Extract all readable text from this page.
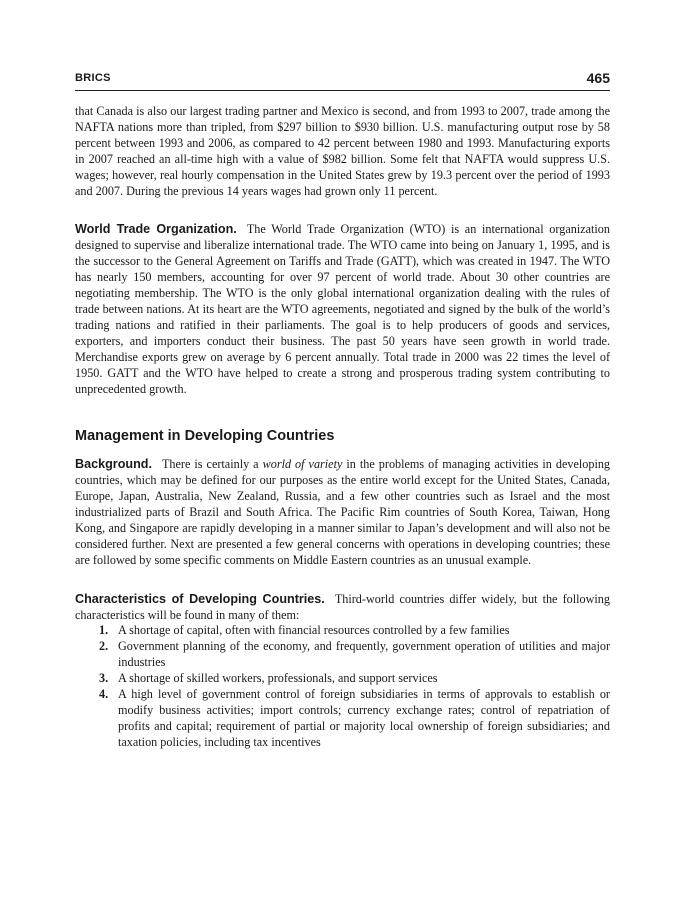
BRICS	465

that Canada is also our largest trading partner and Mexico is second, and from 1993 to 2007, trade among the NAFTA nations more than tripled, from $297 billion to $930 billion. U.S. manufacturing output rose by 58 percent between 1993 and 2006, as compared to 42 percent between 1980 and 1993. Manufacturing exports in 2007 reached an all-time high with a value of $982 billion. Some felt that NAFTA would suppress U.S. wages; however, real hourly compensation in the United States grew by 19.3 percent over the period of 1993 and 2007. During the previous 14 years wages had grown only 11 percent.

World Trade Organization. The World Trade Organization (WTO) is an international organization designed to supervise and liberalize international trade. The WTO came into being on January 1, 1995, and is the successor to the General Agreement on Tariffs and Trade (GATT), which was created in 1947. The WTO has nearly 150 members, accounting for over 97 percent of world trade. About 30 other countries are negotiating membership. The WTO is the only global international organization dealing with the rules of trade between nations. At its heart are the WTO agreements, negotiated and signed by the bulk of the world’s trading nations and ratified in their parliaments. The goal is to help producers of goods and services, exporters, and importers conduct their business. The past 50 years have seen growth in world trade. Merchandise exports grew on average by 6 percent annually. Total trade in 2000 was 22 times the level of 1950. GATT and the WTO have helped to create a strong and prosperous trading system contributing to unprecedented growth.

Management in Developing Countries

Background. There is certainly a world of variety in the problems of managing activities in developing countries, which may be defined for our purposes as the entire world except for the United States, Canada, Europe, Japan, Australia, New Zealand, Russia, and a few other countries such as Israel and the most industrialized parts of Brazil and South Africa. The Pacific Rim countries of South Korea, Taiwan, Hong Kong, and Singapore are rapidly developing in a manner similar to Japan’s development and will also not be considered further. Next are presented a few general concerns with operations in developing countries; these are followed by some specific comments on Middle Eastern countries as an unusual example.

Characteristics of Developing Countries. Third-world countries differ widely, but the following characteristics will be found in many of them:

1. A shortage of capital, often with financial resources controlled by a few families
2. Government planning of the economy, and frequently, government operation of utilities and major industries
3. A shortage of skilled workers, professionals, and support services
4. A high level of government control of foreign subsidiaries in terms of approvals to establish or modify business activities; import controls; currency exchange rates; control of repatriation of profits and capital; requirement of partial or majority local ownership of foreign subsidiaries; and taxation policies, including tax incentives
